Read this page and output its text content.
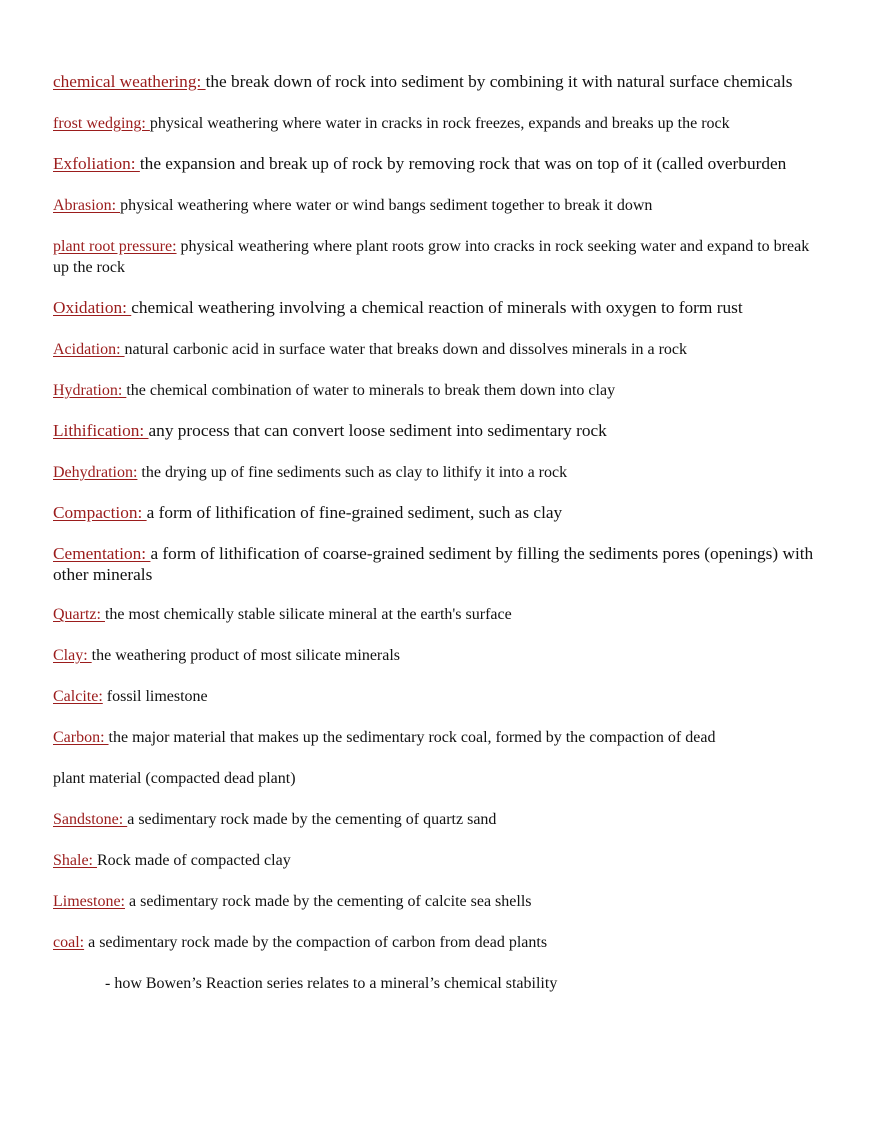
chemical weathering: the break down of rock into sediment by combining it with natural surface chemicals

frost wedging: physical weathering where water in cracks in rock freezes, expands and breaks up the rock

Exfoliation: the expansion and break up of rock by removing rock that was on top of it (called overburden

Abrasion: physical weathering where water or wind bangs sediment together to break it down

plant root pressure: physical weathering where plant roots grow into cracks in rock seeking water and expand to break up the rock

Oxidation: chemical weathering involving a chemical reaction of minerals with oxygen to form rust

Acidation: natural carbonic acid in surface water that breaks down and dissolves minerals in a rock

Hydration: the chemical combination of water to minerals to break them down into clay

Lithification: any process that can convert loose sediment into sedimentary rock

Dehydration: the drying up of fine sediments such as clay to lithify it into a rock

Compaction: a form of lithification of fine-grained sediment, such as clay

Cementation: a form of lithification of coarse-grained sediment by filling the sediments pores (openings) with other minerals

Quartz: the most chemically stable silicate mineral at the earth's surface

Clay: the weathering product of most silicate minerals

Calcite: fossil limestone

Carbon: the major material that makes up the sedimentary rock coal, formed by the compaction of dead

plant material (compacted dead plant)

Sandstone: a sedimentary rock made by the cementing of quartz sand

Shale: Rock made of compacted clay

Limestone: a sedimentary rock made by the cementing of calcite sea shells

coal: a sedimentary rock made by the compaction of carbon from dead plants

- how Bowen’s Reaction series relates to a mineral’s chemical stability
